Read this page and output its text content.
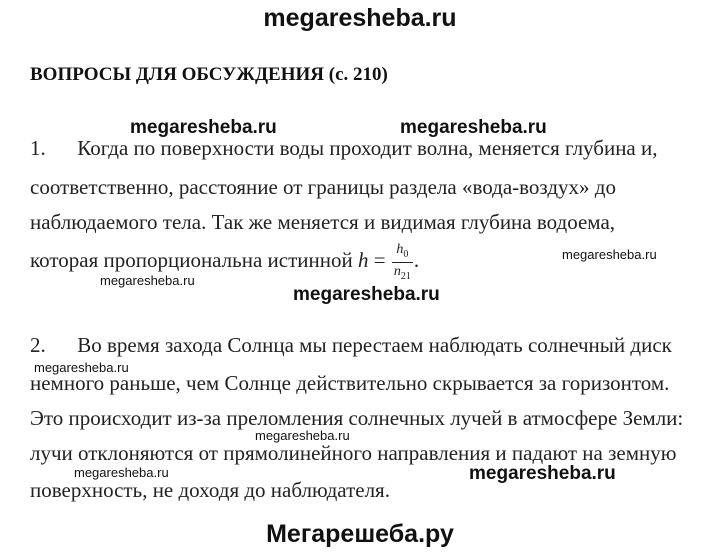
megaresheba.ru
ВОПРОСЫ ДЛЯ ОБСУЖДЕНИЯ (с. 210)
megaresheba.ru	megaresheba.ru
1.      Когда по поверхности воды проходит волна, меняется глубина и,
соответственно, расстояние от границы раздела «вода-воздух» до
наблюдаемого тела. Так же меняется и видимая глубина водоема,
которая пропорциональна истинной $h = \frac{h_0}{n_{21}}$ .	megaresheba.ru
megaresheba.ru
megaresheba.ru
2.      Во время захода Солнца мы перестаем наблюдать солнечный диск
megaresheba.ru
немного раньше, чем Солнце действительно скрывается за горизонтом.
Это происходит из-за преломления солнечных лучей в атмосфере Земли:
megaresheba.ru
лучи отклоняются от прямолинейного направления и падают на земную
megaresheba.ru	megaresheba.ru
поверхность, не доходя до наблюдателя.
Мегарешеба.ру
